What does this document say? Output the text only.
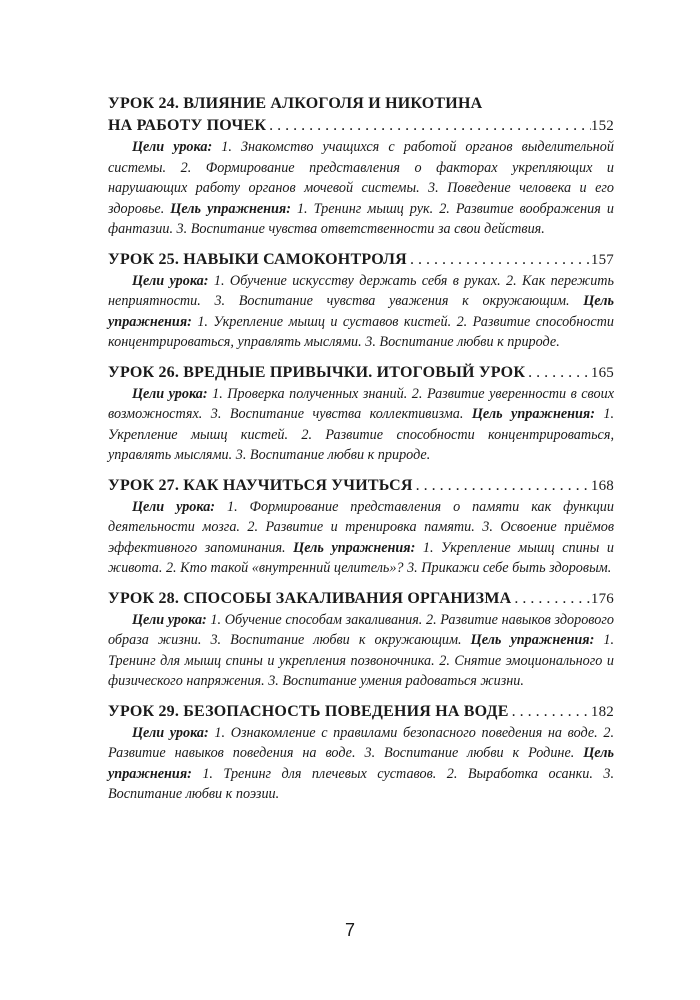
УРОК 24. ВЛИЯНИЕ АЛКОГОЛЯ И НИКОТИНА
НА РАБОТУ ПОЧЕК . . .	152
Цели урока: 1. Знакомство учащихся с работой органов выделительной системы. 2. Формирование представления о факторах укрепляющих и нарушающих работу органов мочевой системы. 3. Поведение человека и его здоровье. Цель упражнения: 1. Тренинг мышц рук. 2. Развитие воображения и фантазии. 3. Воспитание чувства ответственности за свои действия.
УРОК 25. НАВЫКИ САМОКОНТРОЛЯ . . .	157
Цели урока: 1. Обучение искусству держать себя в руках. 2. Как пережить неприятности. 3. Воспитание чувства уважения к окружающим. Цель упражнения: 1. Укрепление мышц и суставов кистей. 2. Развитие способности концентрироваться, управлять мыслями. 3. Воспитание любви к природе.
УРОК 26. ВРЕДНЫЕ ПРИВЫЧКИ. ИТОГОВЫЙ УРОК . . .	165
Цели урока: 1. Проверка полученных знаний. 2. Развитие уверенности в своих возможностях. 3. Воспитание чувства коллективизма. Цель упражнения: 1. Укрепление мышц кистей. 2. Развитие способности концентрироваться, управлять мыслями. 3. Воспитание любви к природе.
УРОК 27. КАК НАУЧИТЬСЯ УЧИТЬСЯ . . .	168
Цели урока: 1. Формирование представления о памяти как функции деятельности мозга. 2. Развитие и тренировка памяти. 3. Освоение приёмов эффективного запоминания. Цель упражнения: 1. Укрепление мышц спины и живота. 2. Кто такой «внутренний целитель»? 3. Прикажи себе быть здоровым.
УРОК 28. СПОСОБЫ ЗАКАЛИВАНИЯ ОРГАНИЗМА . . .	176
Цели урока: 1. Обучение способам закаливания. 2. Развитие навыков здорового образа жизни. 3. Воспитание любви к окружающим. Цель упражнения: 1. Тренинг для мышц спины и укрепления позвоночника. 2. Снятие эмоционального и физического напряжения. 3. Воспитание умения радоваться жизни.
УРОК 29. БЕЗОПАСНОСТЬ ПОВЕДЕНИЯ НА ВОДЕ . . .	182
Цели урока: 1. Ознакомление с правилами безопасного поведения на воде. 2. Развитие навыков поведения на воде. 3. Воспитание любви к Родине. Цель упражнения: 1. Тренинг для плечевых суставов. 2. Выработка осанки. 3. Воспитание любви к поэзии.
7
